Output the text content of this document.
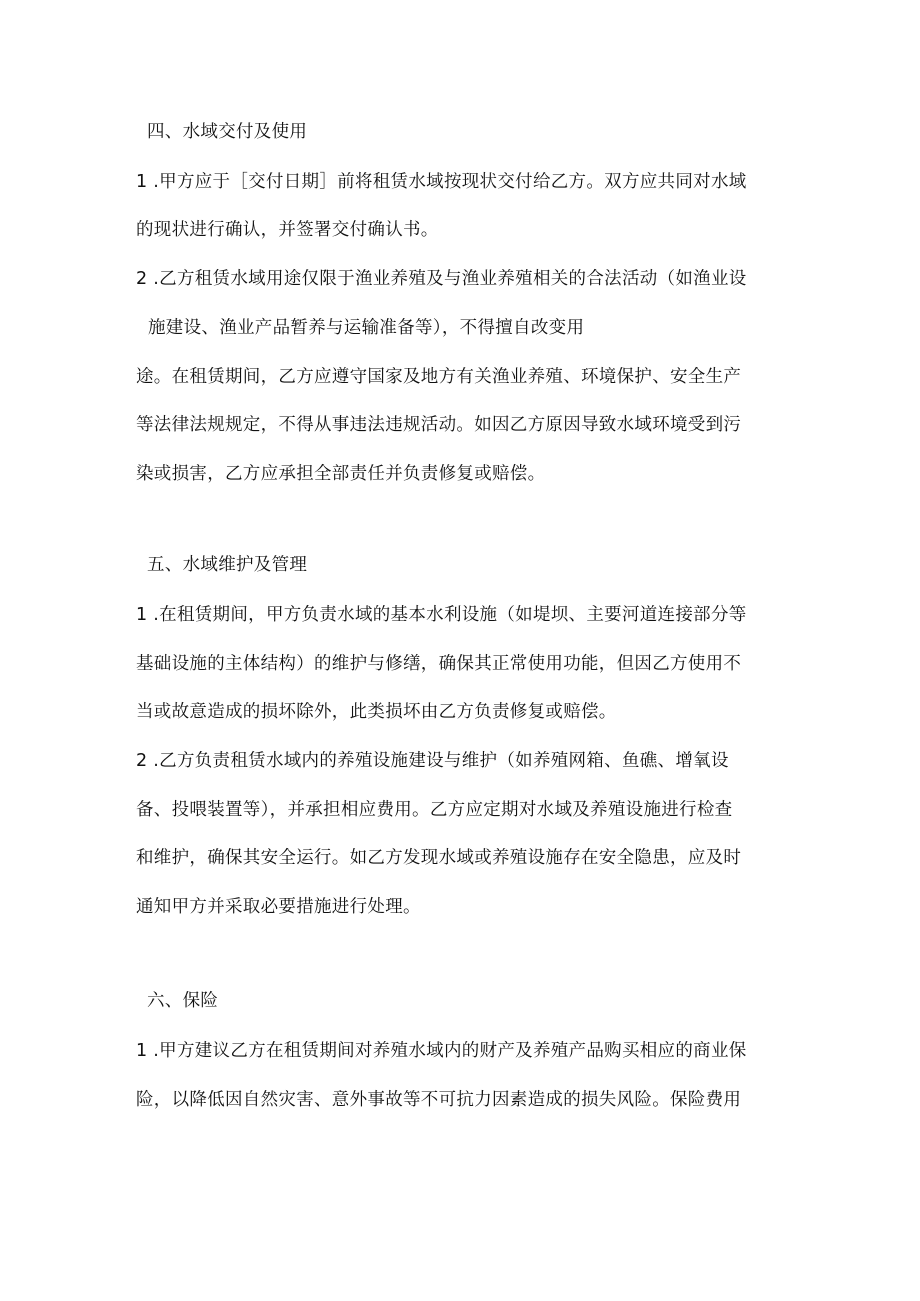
四、水域交付及使用
1 .甲方应于［交付日期］前将租赁水域按现状交付给乙方。双方应共同对水域
的现状进行确认，并签署交付确认书。
2 .乙方租赁水域用途仅限于渔业养殖及与渔业养殖相关的合法活动（如渔业设
施建设、渔业产品暂养与运输准备等），不得擅自改变用
途。在租赁期间，乙方应遵守国家及地方有关渔业养殖、环境保护、安全生产
等法律法规规定，不得从事违法违规活动。如因乙方原因导致水域环境受到污
染或损害，乙方应承担全部责任并负责修复或赔偿。
五、水域维护及管理
1 .在租赁期间，甲方负责水域的基本水利设施（如堤坝、主要河道连接部分等
基础设施的主体结构）的维护与修缮，确保其正常使用功能，但因乙方使用不
当或故意造成的损坏除外，此类损坏由乙方负责修复或赔偿。
2 .乙方负责租赁水域内的养殖设施建设与维护（如养殖网箱、鱼礁、增氧设
备、投喂装置等），并承担相应费用。乙方应定期对水域及养殖设施进行检查
和维护，确保其安全运行。如乙方发现水域或养殖设施存在安全隐患，应及时
通知甲方并采取必要措施进行处理。
六、保险
1 .甲方建议乙方在租赁期间对养殖水域内的财产及养殖产品购买相应的商业保
险，以降低因自然灾害、意外事故等不可抗力因素造成的损失风险。保险费用
